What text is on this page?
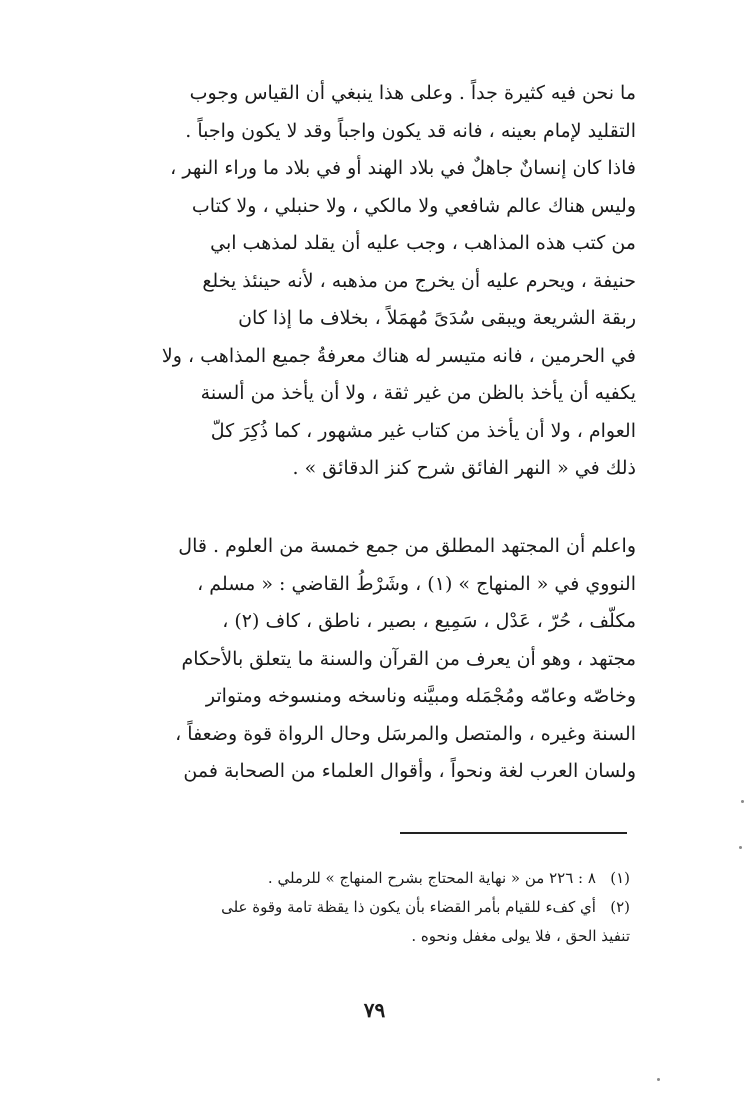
ما نحن فيه كثيرة جداً . وعلى هذا ينبغي أن القياس وجوب
التقليد لإمام بعينه ، فانه قد يكون واجباً وقد لا يكون واجباً .
فاذا كان إنسانٌ جاهلٌ في بلاد الهند أو في بلاد ما وراء النهر ،
وليس هناك عالم شافعي ولا مالكي ، ولا حنبلي ، ولا كتاب
من كتب هذه المذاهب ، وجب عليه أن يقلد لمذهب ابي
حنيفة ، ويحرم عليه أن يخرج من مذهبه ، لأنه حينئذ يخلع
ربقة الشريعة ويبقى سُدَىً مُهمَلاً ، بخلاف ما إذا كان
في الحرمين ، فانه متيسر له هناك معرفةُ جميع المذاهب ، ولا
يكفيه أن يأخذ بالظن من غير ثقة ، ولا أن يأخذ من ألسنة
العوام ، ولا أن يأخذ من كتاب غير مشهور ، كما ذُكِرَ كلّ
ذلك في « النهر الفائق شرح كنز الدقائق » .
واعلم أن المجتهد المطلق من جمع خمسة من العلوم . قال
النووي في « المنهاج » (١) ، وشَرْطُ القاضي : « مسلم ،
مكلّف ، حُرّ ، عَدْل ، سَمِيع ، بصير ، ناطق ، كاف (٢) ،
مجتهد ، وهو أن يعرف من القرآن والسنة ما يتعلق بالأحكام
وخاصّه وعامّه ومُجْمَله ومبيَّنه وناسخه ومنسوخه ومتواتر
السنة وغيره ، والمتصل والمرسَل وحال الرواة قوة وضعفاً ،
ولسان العرب لغة ونحواً ، وأقوال العلماء من الصحابة فمن
(١)   ٨ : ٢٢٦ من « نهاية المحتاج بشرح المنهاج » للرملي .
(٢)   أي كفء للقيام بأمر القضاء بأن يكون ذا يقظة تامة وقوة على
تنفيذ الحق ، فلا يولى مغفل ونحوه .
٧٩
